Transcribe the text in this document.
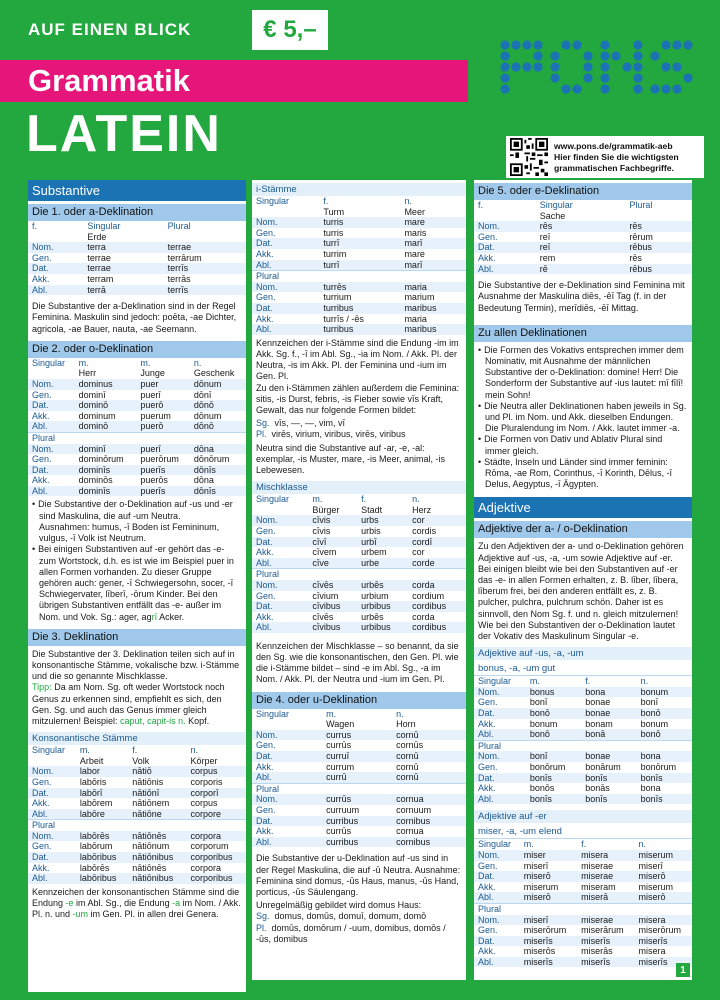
AUF EINEN BLICK	€ 5,–
Grammatik
LATEIN	www.pons.de/grammatik-aeb
Hier finden Sie die wichtigsten grammatischen Fachbegriffe.
Substantive
Die 1. oder a-Deklination
f.	Singular	Plural
	Erde	
Nom.	terra	terrae
Gen.	terrae	terrārum
Dat.	terrae	terrīs
Akk.	terram	terrās
Abl.	terrā	terrīs
Die Substantive der a-Deklination sind in der Regel Feminina. Maskulin sind jedoch: poēta, -ae Dichter, agricola, -ae Bauer, nauta, -ae Seemann.
Die 2. oder o-Deklination
Singular	m.	m.	n.
	Herr	Junge	Geschenk
Nom.	dominus	puer	dōnum
Gen.	dominī	puerī	dōnī
Dat.	dominō	puerō	dōnō
Akk.	dominum	puerum	dōnum
Abl.	dominō	puerō	dōnō
Plural			
Nom.	dominī	puerī	dōna
Gen.	dominōrum	puerōrum	dōnōrum
Dat.	dominīs	puerīs	dōnīs
Akk.	dominōs	puerōs	dōna
Abl.	dominīs	puerīs	dōnīs
• Die Substantive der o-Deklination auf -us und -er sind Maskulina, die auf -um Neutra.
Ausnahmen: humus, -ī Boden ist Femininum,
vulgus, -ī Volk ist Neutrum.
• Bei einigen Substantiven auf -er gehört das -e- zum Wortstock, d.h. es ist wie im Beispiel puer in allen Formen vorhanden. Zu dieser Gruppe gehören auch: gener, -ī Schwiegersohn, socer, -ī Schwiegervater, līberī, -ōrum Kinder. Bei den übrigen Substantiven entfällt das -e- außer im Nom. und Vok. Sg.: ager, agrī Acker.
Die 3. Deklination
Die Substantive der 3. Deklination teilen sich auf in konsonantische Stämme, vokalische bzw. i-Stämme und die so genannte Mischklasse.
Tipp: Da am Nom. Sg. oft weder Wortstock noch Genus zu erkennen sind, empfiehlt es sich, den Gen. Sg. und auch das Genus immer gleich mitzulernen! Beispiel: caput, capit-is n. Kopf.
Konsonantische Stämme
Singular	m.	f.	n.
	Arbeit	Volk	Körper
Nom.	labor	nātiō	corpus
Gen.	labōris	nātiōnis	corporis
Dat.	labōrī	nātiōnī	corporī
Akk.	labōrem	nātiōnem	corpus
Abl.	labōre	nātiōne	corpore
Plural			
Nom.	labōrēs	nātiōnēs	corpora
Gen.	labōrum	nātiōnum	corporum
Dat.	labōribus	nātiōnibus	corporibus
Akk.	labōrēs	nātiōnēs	corpora
Abl.	labōribus	nātiōnibus	corporibus
Kennzeichen der konsonantischen Stämme sind die Endung -e im Abl. Sg., die Endung -a im Nom. / Akk. Pl. n. und -um im Gen. Pl. in allen drei Genera.
i-Stämme
Singular	f.	n.
	Turm	Meer
Nom.	turris	mare
Gen.	turris	maris
Dat.	turrī	marī
Akk.	turrim	mare
Abl.	turrī	marī
Plural		
Nom.	turrēs	maria
Gen.	turrium	marium
Dat.	turribus	maribus
Akk.	turrīs / -ēs	maria
Abl.	turribus	maribus
Kennzeichen der i-Stämme sind die Endung -im im Akk. Sg. f., -ī im Abl. Sg., -ia im Nom. / Akk. Pl. der Neutra, -is im Akk. Pl. der Feminina und -ium im Gen. Pl.
Zu den i-Stämmen zählen außerdem die Feminina: sitis, -is Durst, febris, -is Fieber sowie vīs Kraft, Gewalt, das nur folgende Formen bildet:
Sg. vīs, —, —, vim, vī
Pl. virēs, virium, viribus, virēs, viribus
Neutra sind die Substantive auf -ar, -e, -al: exemplar, -is Muster, mare, -is Meer, animal, -is Lebewesen.
Mischklasse
Singular	m.	f.	n.
	Bürger	Stadt	Herz
Nom.	cīvis	urbs	cor
Gen.	cīvis	urbis	cordis
Dat.	cīvī	urbī	cordī
Akk.	cīvem	urbem	cor
Abl.	cīve	urbe	corde
Plural			
Nom.	cīvēs	urbēs	corda
Gen.	cīvium	urbium	cordium
Dat.	cīvibus	urbibus	cordibus
Akk.	cīvēs	urbēs	corda
Abl.	cīvibus	urbibus	cordibus
Kennzeichen der Mischklasse – so benannt, da sie den Sg. wie die konsonantischen, den Gen. Pl. wie die i-Stämme bildet – sind -e im Abl. Sg., -a im Nom. / Akk. Pl. der Neutra und -ium im Gen. Pl.
Die 4. oder u-Deklination
Singular	m.	n.
	Wagen	Horn
Nom.	currus	cornū
Gen.	currūs	cornūs
Dat.	curruī	cornū
Akk.	currum	cornū
Abl.	currū	cornū
Plural		
Nom.	currūs	cornua
Gen.	curruum	cornuum
Dat.	curribus	cornibus
Akk.	currūs	cornua
Abl.	curribus	cornibus
Die Substantive der u-Deklination auf -us sind in der Regel Maskulina, die auf -ū Neutra. Ausnahme: Feminina sind domus, -ūs Haus, manus, -ūs Hand, porticus, -ūs Säulengang.
Unregelmäßig gebildet wird domus Haus:
Sg. domus, domūs, domuī, domum, domō
Pl. domūs, domōrum / -uum, domibus, domōs / -ūs, domibus
Die 5. oder e-Deklination
f.	Singular	Plural
	Sache	
Nom.	rēs	rēs
Gen.	reī	rērum
Dat.	reī	rēbus
Akk.	rem	rēs
Abl.	rē	rēbus
Die Substantive der e-Deklination sind Feminina mit Ausnahme der Maskulina diēs, -ēī Tag (f. in der Bedeutung Termin), merīdiēs, -ēī Mittag.
Zu allen Deklinationen
• Die Formen des Vokativs entsprechen immer dem Nominativ, mit Ausnahme der männlichen Substantive der o-Deklination: domine! Herr! Die Sonderform der Substantive auf -ius lautet: mī fīlī! mein Sohn!
• Die Neutra aller Deklinationen haben jeweils in Sg. und Pl. im Nom. und Akk. dieselben Endungen. Die Pluralendung im Nom. / Akk. lautet immer -a.
• Die Formen von Dativ und Ablativ Plural sind immer gleich.
• Städte, Inseln und Länder sind immer feminin: Rōma, -ae Rom, Corinthus, -ī Korinth, Dēlus, -ī Delus, Aegyptus, -ī Ägypten.
Adjektive
Adjektive der a- / o-Deklination
Zu den Adjektiven der a- und o-Deklination gehören Adjektive auf -us, -a, -um sowie Adjektive auf -er. Bei einigen bleibt wie bei den Substantiven auf -er das -e- in allen Formen erhalten, z. B. līber, lībera, līberum frei, bei den anderen entfällt es, z. B. pulcher, pulchra, pulchrum schön. Daher ist es sinnvoll, den Nom Sg. f. und n. gleich mitzulernen! Wie bei den Substantiven der o-Deklination lautet der Vokativ des Maskulinum Singular -e.
Adjektive auf -us, -a, -um
bonus, -a, -um gut
Singular	m.	f.	n.
Nom.	bonus	bona	bonum
Gen.	bonī	bonae	bonī
Dat.	bonō	bonae	bonō
Akk.	bonum	bonam	bonum
Abl.	bonō	bonā	bonō
Plural			
Nom.	bonī	bonae	bona
Gen.	bonōrum	bonārum	bonōrum
Dat.	bonīs	bonīs	bonīs
Akk.	bonōs	bonās	bona
Abl.	bonīs	bonīs	bonīs
Adjektive auf -er
miser, -a, -um elend
Singular	m.	f.	n.
Nom.	miser	misera	miserum
Gen.	miserī	miserae	miserī
Dat.	miserō	miserae	miserō
Akk.	miserum	miseram	miserum
Abl.	miserō	miserā	miserō
Plural			
Nom.	miserī	miserae	misera
Gen.	miserōrum	miserārum	miserōrum
Dat.	miserīs	miserīs	miserīs
Akk.	miserōs	miserās	misera
Abl.	miserīs	miserīs	miserīs
1
